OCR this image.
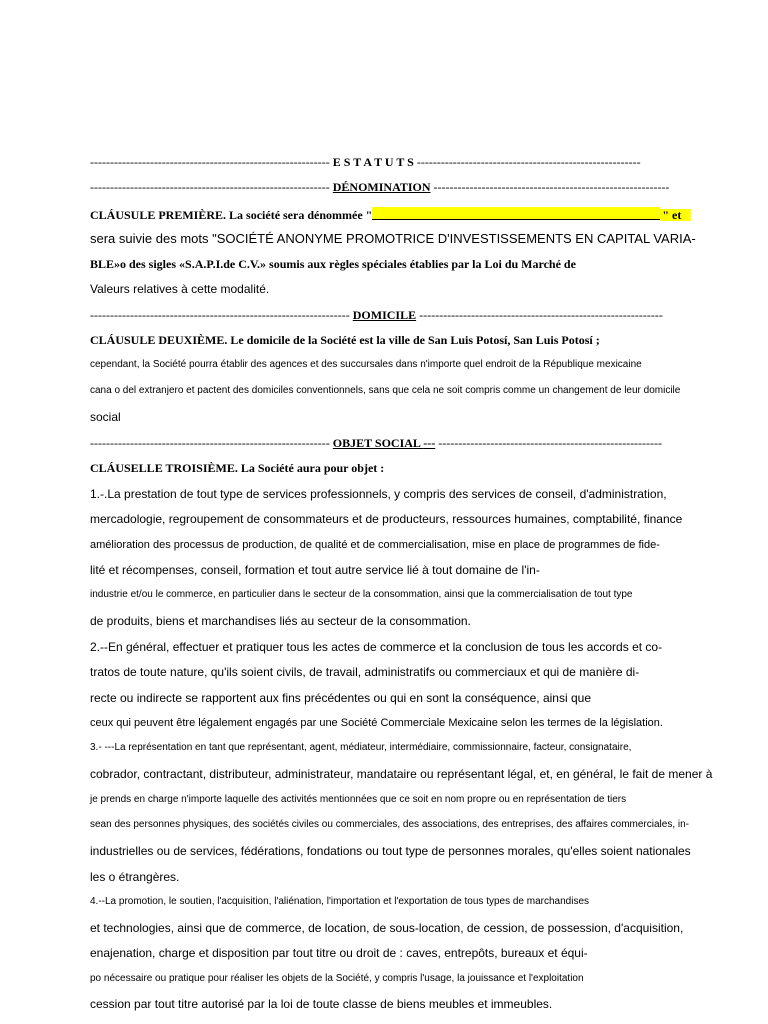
------------------------------------------------------------ E S T A T U T S --------------------------------------------------------
------------------------------------------------------------ DÉNOMINATION -----------------------------------------------------------
CLÁUSULE PREMIÈRE. La société sera dénommée "	" et
sera suivie des mots "SOCIÉTÉ ANONYME PROMOTRICE D'INVESTISSEMENTS EN CAPITAL VARIA-
BLE»o des sigles «S.A.P.I.de C.V.» soumis aux règles spéciales établies par la Loi du Marché de
Valeurs relatives à cette modalité.
----------------------------------------------------------------- DOMICILE -------------------------------------------------------------
CLÁUSULE DEUXIÈME. Le domicile de la Société est la ville de San Luis Potosí, San Luis Potosí ;
cependant, la Société pourra établir des agences et des succursales dans n'importe quel endroit de la République mexicaine
cana o del extranjero et pactent des domiciles conventionnels, sans que cela ne soit compris comme un changement de leur domicile
social
------------------------------------------------------------ OBJET SOCIAL --- --------------------------------------------------------
CLÁUSELLE TROISIÈME. La Société aura pour objet :
1.-.La prestation de tout type de services professionnels, y compris des services de conseil, d'administration,
mercadologie, regroupement de consommateurs et de producteurs, ressources humaines, comptabilité, finance
amélioration des processus de production, de qualité et de commercialisation, mise en place de programmes de fide-
lité et récompenses, conseil, formation et tout autre service lié à tout domaine de l'in-
industrie et/ou le commerce, en particulier dans le secteur de la consommation, ainsi que la commercialisation de tout type
de produits, biens et marchandises liés au secteur de la consommation.
2.--En général, effectuer et pratiquer tous les actes de commerce et la conclusion de tous les accords et co-
tratos de toute nature, qu'ils soient civils, de travail, administratifs ou commerciaux et qui de manière di-
recte ou indirecte se rapportent aux fins précédentes ou qui en sont la conséquence, ainsi que
ceux qui peuvent être légalement engagés par une Société Commerciale Mexicaine selon les termes de la législation.
3.- ---La représentation en tant que représentant, agent, médiateur, intermédiaire, commissionnaire, facteur, consignataire,
cobrador, contractant, distributeur, administrateur, mandataire ou représentant légal, et, en général, le fait de mener à
je prends en charge n'importe laquelle des activités mentionnées que ce soit en nom propre ou en représentation de tiers
sean des personnes physiques, des sociétés civiles ou commerciales, des associations, des entreprises, des affaires commerciales, in-
industrielles ou de services, fédérations, fondations ou tout type de personnes morales, qu'elles soient nationales
les o étrangères.
4.--La promotion, le soutien, l'acquisition, l'aliénation, l'importation et l'exportation de tous types de marchandises
et technologies, ainsi que de commerce, de location, de sous-location, de cession, de possession, d'acquisition,
enajenation, charge et disposition par tout titre ou droit de : caves, entrepôts, bureaux et équi-
po nécessaire ou pratique pour réaliser les objets de la Société, y compris l'usage, la jouissance et l'exploitation
cession par tout titre autorisé par la loi de toute classe de biens meubles et immeubles.
